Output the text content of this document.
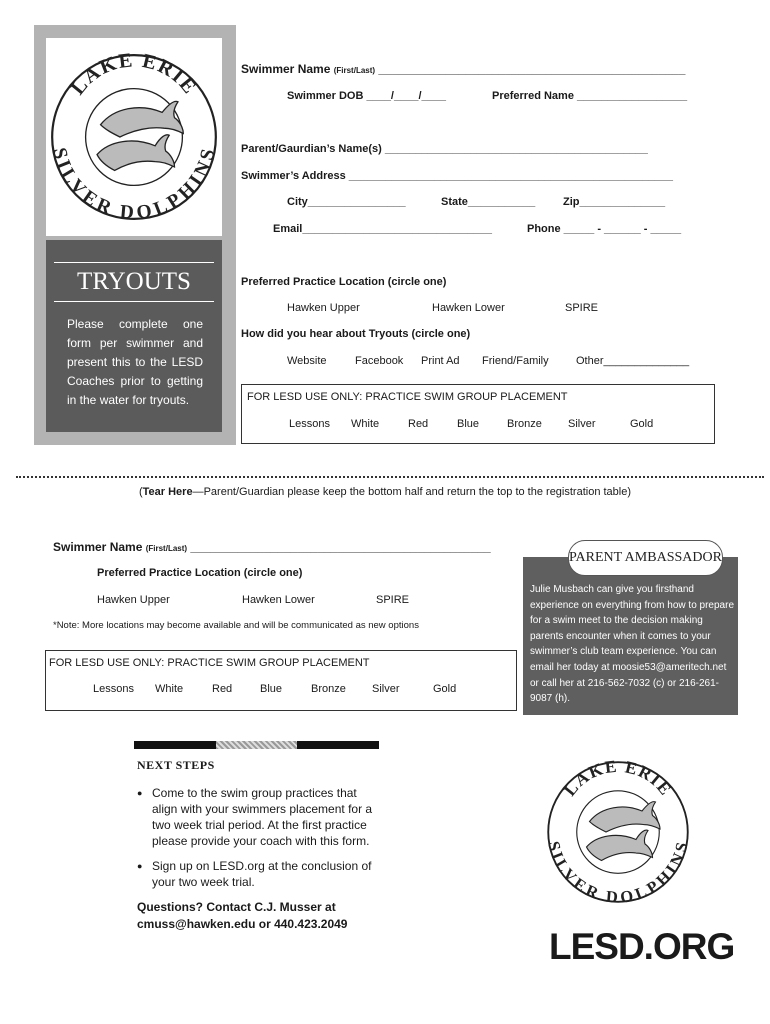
LAKE ERIE
SILVER DOLPHINS
TRYOUTS
Please complete one form per swimmer and present this to the LESD Coaches prior to getting in the water for tryouts.
Swimmer Name (First/Last) ______________________________________________
Swimmer DOB ____/____/____	Preferred Name __________________
Parent/Gaurdian’s Name(s) ___________________________________________
Swimmer’s Address _____________________________________________________
City________________	State___________	Zip______________
Email_______________________________	Phone _____ - ______ - _____
Preferred Practice Location (circle one)
Hawken Upper	Hawken Lower	SPIRE
How did you hear about Tryouts (circle one)
Website	Facebook Print Ad Friend/Family Other______________
FOR LESD USE ONLY: PRACTICE SWIM GROUP PLACEMENT
Lessons White	Red	Blue	Bronze Silver	Gold
(Tear Here—Parent/Guardian please keep the bottom half and return the top to the registration table)
Swimmer Name (First/Last) _____________________________________________
Preferred Practice Location (circle one)
Hawken Upper	Hawken Lower	SPIRE
*Note: More locations may become available and will be communicated as new options
FOR LESD USE ONLY: PRACTICE SWIM GROUP PLACEMENT
Lessons White	Red	Blue	Bronze Silver	Gold
Julie Musbach can give you firsthand experience on everything from how to prepare for a swim meet to the decision making parents encounter when it comes to your swimmer’s club team experience. You can email her today at moosie53@ameritech.net or call her at 216-562-7032 (c) or 216-261-9087 (h).
PARENT AMBASSADOR
NEXT STEPS
● Come to the swim group practices that align with your swimmers placement for a two week trial period. At the first practice please provide your coach with this form.
● Sign up on LESD.org at the conclusion of your two week trial.
Questions? Contact C.J. Musser at
cmuss@hawken.edu or 440.423.2049
LAKE ERIE
SILVER DOLPHINS
LESD.ORG
